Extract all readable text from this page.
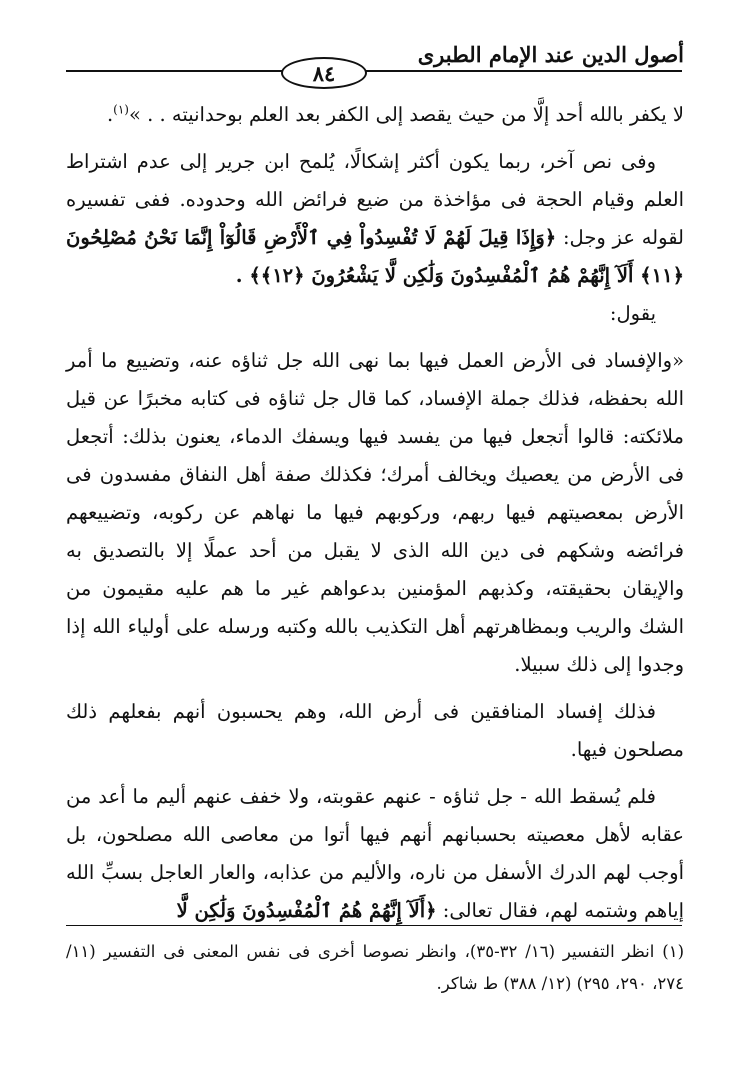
أصول الدين عند الإمام الطبرى
٨٤

لا يكفر بالله أحد إلَّا من حيث يقصد إلى الكفر بعد العلم بوحدانيته . . »$^{(١)}$.

وفى نص آخر، ربما يكون أكثر إشكالًا، يُلمح ابن جرير إلى عدم اشتراط العلم وقيام الحجة فى مؤاخذة من ضيع فرائض الله وحدوده. ففى تفسيره لقوله عز وجل: ﴿وَإِذَا قِيلَ لَهُمْ لَا تُفْسِدُواْ فِي ٱلْأَرْضِ قَالُوٓاْ إِنَّمَا نَحْنُ مُصْلِحُونَ ﴿١١﴾ أَلَآ إِنَّهُمْ هُمُ ٱلْمُفْسِدُونَ وَلَٰكِن لَّا يَشْعُرُونَ ﴿١٢﴾﴾ .

يقول:

«والإفساد فى الأرض العمل فيها بما نهى الله جل ثناؤه عنه، وتضييع ما أمر الله بحفظه، فذلك جملة الإفساد، كما قال جل ثناؤه فى كتابه مخبرًا عن قيل ملائكته: قالوا أتجعل فيها من يفسد فيها ويسفك الدماء، يعنون بذلك: أتجعل فى الأرض من يعصيك ويخالف أمرك؛ فكذلك صفة أهل النفاق مفسدون فى الأرض بمعصيتهم فيها ربهم، وركوبهم فيها ما نهاهم عن ركوبه، وتضييعهم فرائضه وشكهم فى دين الله الذى لا يقبل من أحد عملًا إلا بالتصديق به والإيقان بحقيقته، وكذبهم المؤمنين بدعواهم غير ما هم عليه مقيمون من الشك والريب وبمظاهرتهم أهل التكذيب بالله وكتبه ورسله على أولياء الله إذا وجدوا إلى ذلك سبيلا.

فذلك إفساد المنافقين فى أرض الله، وهم يحسبون أنهم بفعلهم ذلك مصلحون فيها.

فلم يُسقط الله - جل ثناؤه - عنهم عقوبته، ولا خفف عنهم أليم ما أعد من عقابه لأهل معصيته بحسبانهم أنهم فيها أتوا من معاصى الله مصلحون، بل أوجب لهم الدرك الأسفل من ناره، والأليم من عذابه، والعار العاجل بسبِّ الله إياهم وشتمه لهم، فقال تعالى: ﴿أَلَآ إِنَّهُمْ هُمُ ٱلْمُفْسِدُونَ وَلَٰكِن لَّا

(١) انظر التفسير (١٦/ ٣٢-٣٥)، وانظر نصوصا أخرى فى نفس المعنى فى التفسير (١١/ ٢٧٤، ٢٩٠، ٢٩٥) (١٢/ ٣٨٨) ط شاكر.
